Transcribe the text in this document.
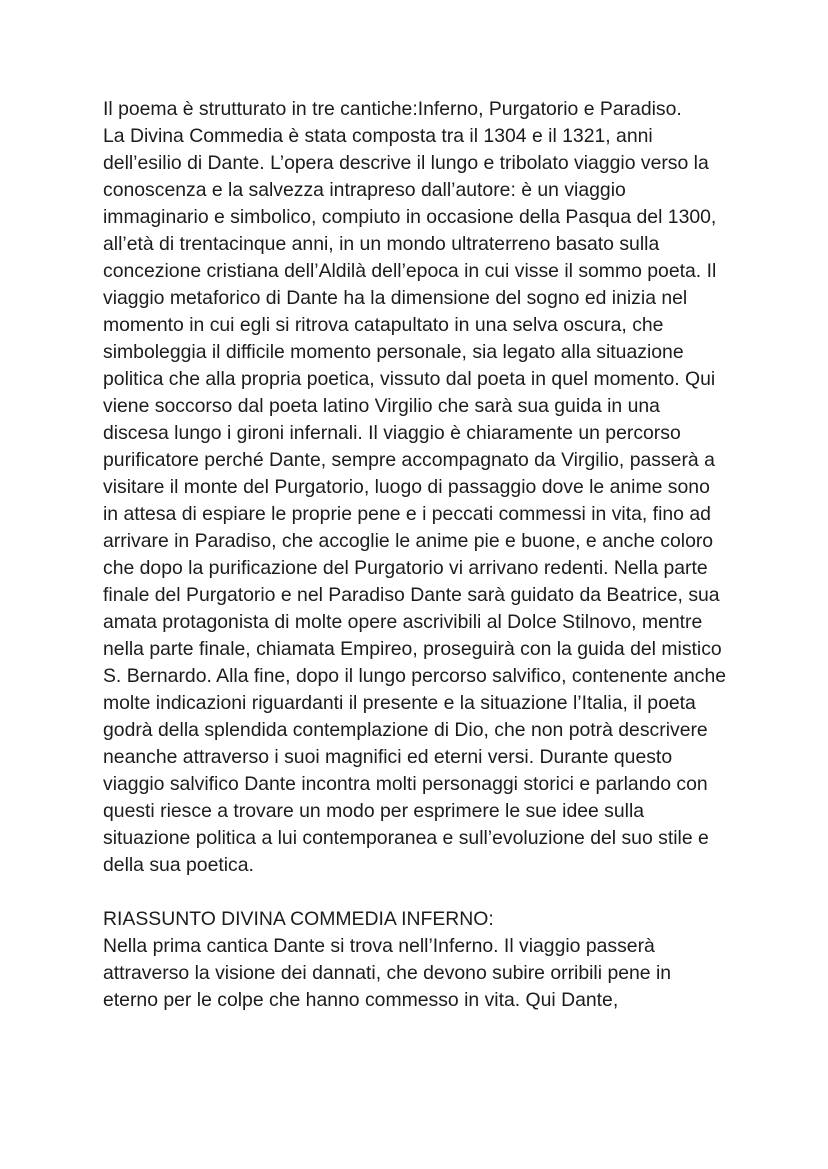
Il poema è strutturato in tre cantiche:Inferno, Purgatorio e Paradiso.
La Divina Commedia è stata composta tra il 1304 e il 1321, anni
dell’esilio di Dante. L’opera descrive il lungo e tribolato viaggio verso la
conoscenza e la salvezza intrapreso dall’autore: è un viaggio
immaginario e simbolico, compiuto in occasione della Pasqua del 1300,
all’età di trentacinque anni, in un mondo ultraterreno basato sulla
concezione cristiana dell’Aldilà dell’epoca in cui visse il sommo poeta. Il
viaggio metaforico di Dante ha la dimensione del sogno ed inizia nel
momento in cui egli si ritrova catapultato in una selva oscura, che
simboleggia il difficile momento personale, sia legato alla situazione
politica che alla propria poetica, vissuto dal poeta in quel momento. Qui
viene soccorso dal poeta latino Virgilio che sarà sua guida in una
discesa lungo i gironi infernali. Il viaggio è chiaramente un percorso
purificatore perché Dante, sempre accompagnato da Virgilio, passerà a
visitare il monte del Purgatorio, luogo di passaggio dove le anime sono
in attesa di espiare le proprie pene e i peccati commessi in vita, fino ad
arrivare in Paradiso, che accoglie le anime pie e buone, e anche coloro
che dopo la purificazione del Purgatorio vi arrivano redenti. Nella parte
finale del Purgatorio e nel Paradiso Dante sarà guidato da Beatrice, sua
amata protagonista di molte opere ascrivibili al Dolce Stilnovo, mentre
nella parte finale, chiamata Empireo, proseguirà con la guida del mistico
S. Bernardo. Alla fine, dopo il lungo percorso salvifico, contenente anche
molte indicazioni riguardanti il presente e la situazione l’Italia, il poeta
godrà della splendida contemplazione di Dio, che non potrà descrivere
neanche attraverso i suoi magnifici ed eterni versi. Durante questo
viaggio salvifico Dante incontra molti personaggi storici e parlando con
questi riesce a trovare un modo per esprimere le sue idee sulla
situazione politica a lui contemporanea e sull’evoluzione del suo stile e
della sua poetica.
RIASSUNTO DIVINA COMMEDIA INFERNO:
Nella prima cantica Dante si trova nell’Inferno. Il viaggio passerà
attraverso la visione dei dannati, che devono subire orribili pene in
eterno per le colpe che hanno commesso in vita. Qui Dante,
